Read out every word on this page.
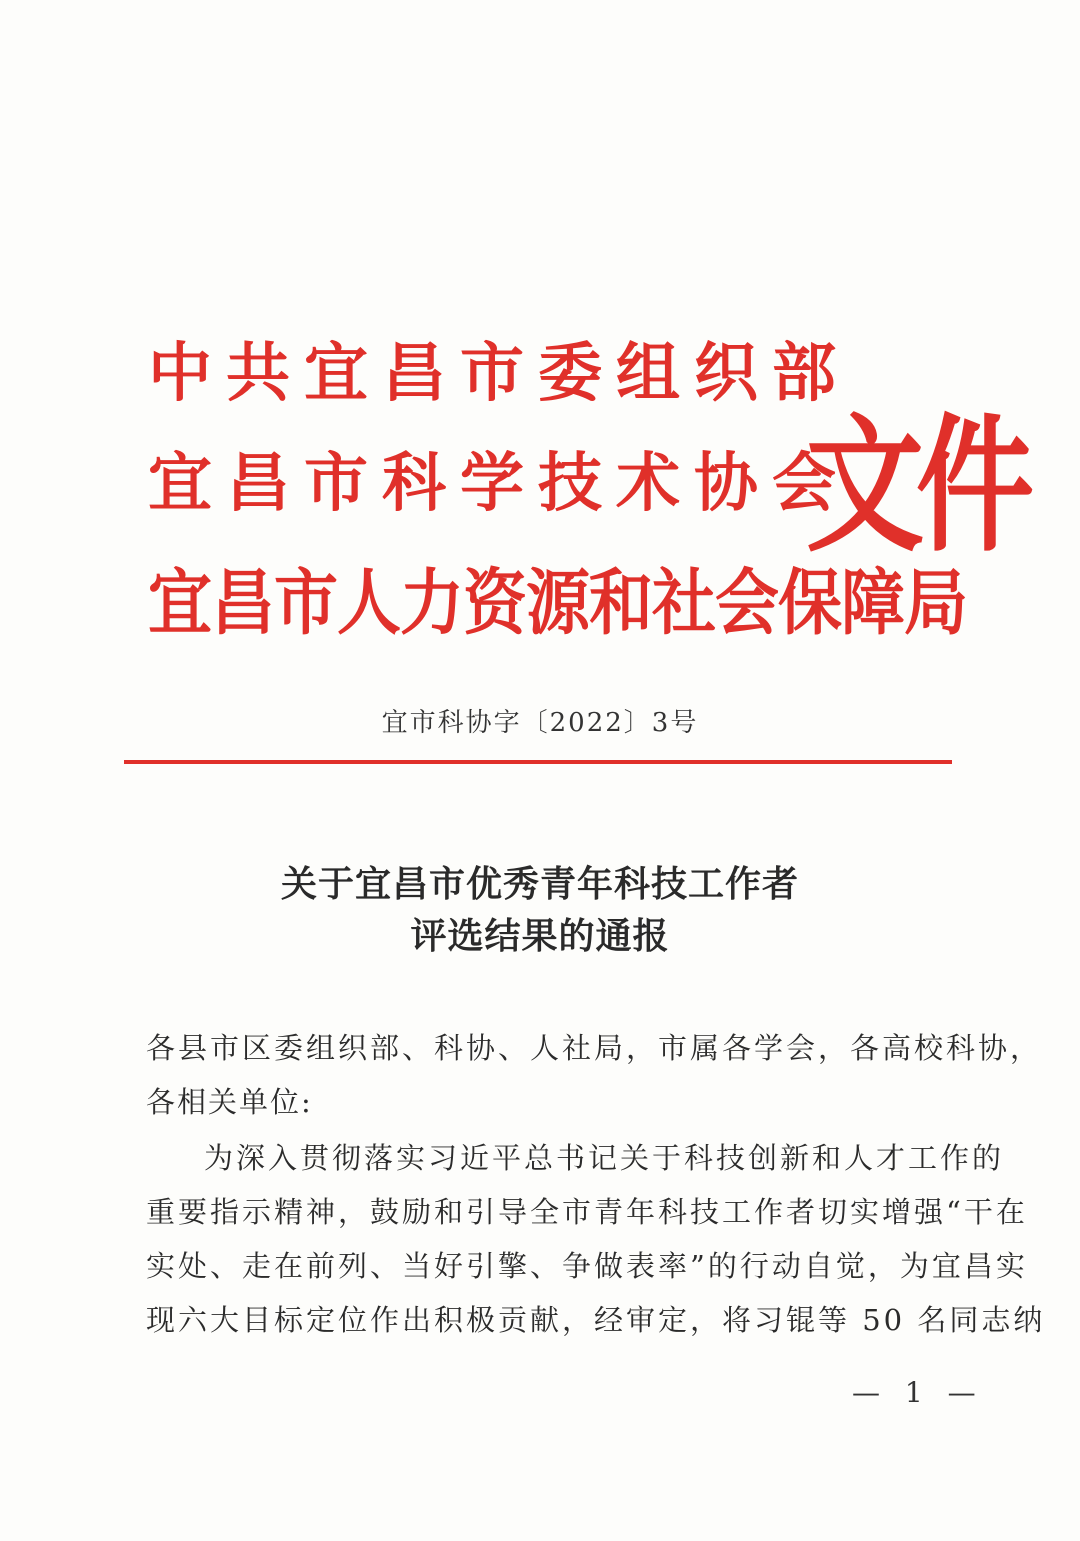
中共宜昌市委组织部
宜昌市科学技术协会
宜昌市人力资源和社会保障局
文件
宜市科协字〔2022〕3号
关于宜昌市优秀青年科技工作者
评选结果的通报
各县市区委组织部、科协、人社局，市属各学会，各高校科协，
各相关单位:
为深入贯彻落实习近平总书记关于科技创新和人才工作的
重要指示精神，鼓励和引导全市青年科技工作者切实增强“干在
实处、走在前列、当好引擎、争做表率”的行动自觉，为宜昌实
现六大目标定位作出积极贡献，经审定，将习锟等 50 名同志纳
— 1 —
